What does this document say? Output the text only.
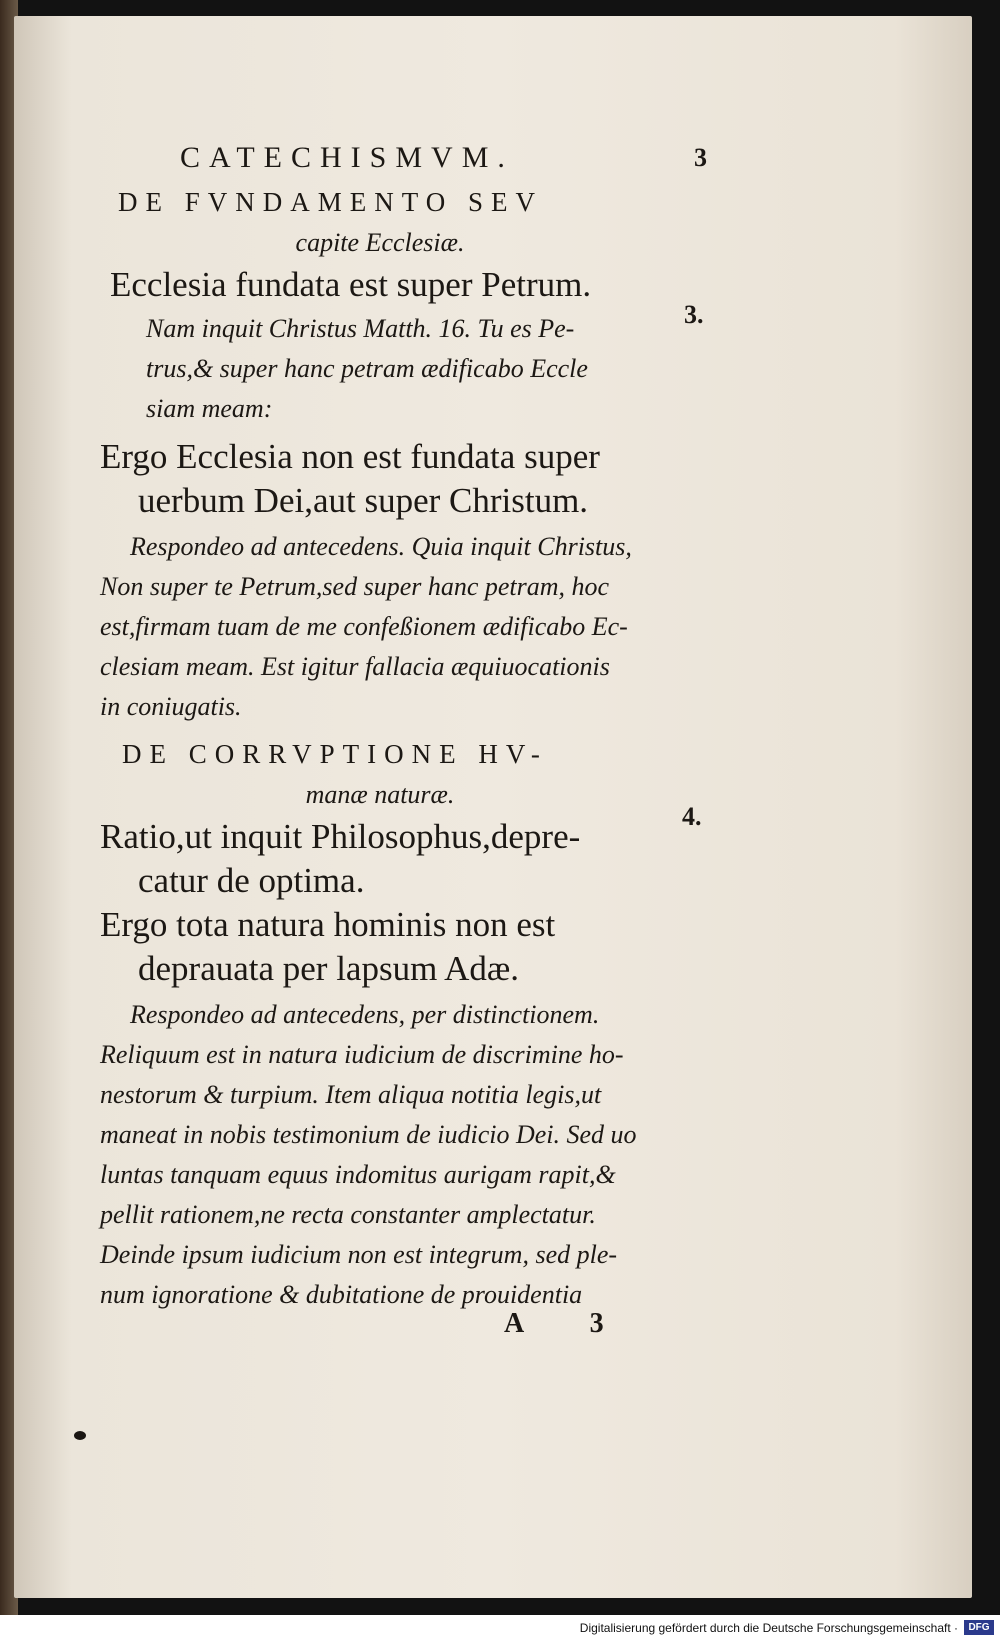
CATECHISMVM.	3
DE FVNDAMENTO SEV
capite Ecclesiæ.
Ecclesia fundata est super Petrum.
Nam inquit Christus Matth. 16. Tu es Pe-
trus,& super hanc petram ædificabo Eccle
siam meam:
Ergo Ecclesia non est fundata super
uerbum Dei,aut super Christum.
Respondeo ad antecedens. Quia inquit Christus,
Non super te Petrum,sed super hanc petram, hoc
est,firmam tuam de me confeßionem ædificabo Ec-
clesiam meam. Est igitur fallacia æquiuocationis
in coniugatis.
DE CORRVPTIONE HV-
manæ naturæ.
Ratio,ut inquit Philosophus,depre-
catur de optima.
Ergo tota natura hominis non est
deprauata per lapsum Adæ.
Respondeo ad antecedens, per distinctionem.
Reliquum est in natura iudicium de discrimine ho-
nestorum & turpium. Item aliqua notitia legis,ut
maneat in nobis testimonium de iudicio Dei. Sed uo
luntas tanquam equus indomitus aurigam rapit,&
pellit rationem,ne recta constanter amplectatur.
Deinde ipsum iudicium non est integrum, sed ple-
num ignoratione & dubitatione de prouidentia
3.
4.
A 3
Digitalisierung gefördert durch die Deutsche Forschungsgemeinschaft ·	DFG
